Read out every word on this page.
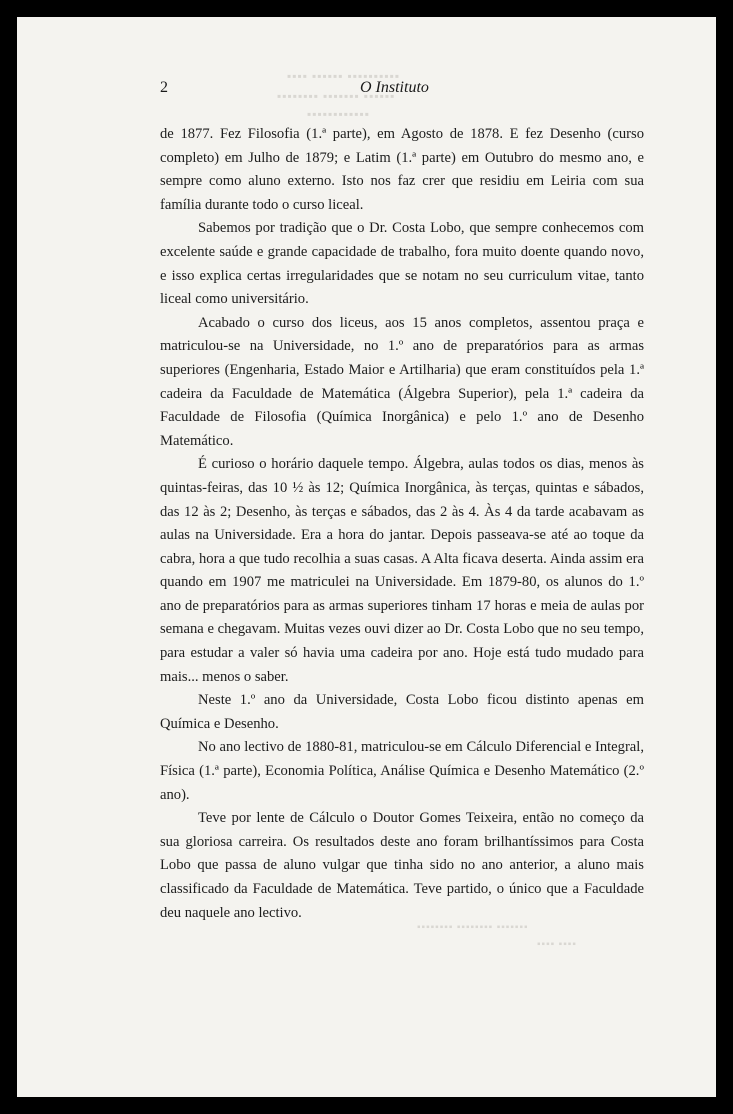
▪▪▪▪ ▪▪▪▪▪▪ ▪▪▪▪▪▪▪▪▪▪
▪▪▪▪▪▪▪▪ ▪▪▪▪▪▪▪ ▪▪▪▪▪▪
▪▪▪▪▪▪▪▪▪▪▪▪
▪▪▪▪▪▪▪▪ ▪▪▪▪▪▪▪▪ ▪▪▪▪▪▪▪
▪▪▪▪ ▪▪▪▪
2	O Instituto

de 1877. Fez Filosofia (1.ª parte), em Agosto de 1878. E fez Desenho (curso completo) em Julho de 1879; e Latim (1.ª parte) em Outubro do mesmo ano, e sempre como aluno externo. Isto nos faz crer que residiu em Leiria com sua família durante todo o curso liceal.

Sabemos por tradição que o Dr. Costa Lobo, que sempre conhecemos com excelente saúde e grande capacidade de trabalho, fora muito doente quando novo, e isso explica certas irregularidades que se notam no seu curriculum vitae, tanto liceal como universitário.

Acabado o curso dos liceus, aos 15 anos completos, assentou praça e matriculou-se na Universidade, no 1.º ano de preparatórios para as armas superiores (Engenharia, Estado Maior e Artilharia) que eram constituídos pela 1.ª cadeira da Faculdade de Matemática (Álgebra Superior), pela 1.ª cadeira da Faculdade de Filosofia (Química Inorgânica) e pelo 1.º ano de Desenho Matemático.

É curioso o horário daquele tempo. Álgebra, aulas todos os dias, menos às quintas-feiras, das 10 ½ às 12; Química Inorgânica, às terças, quintas e sábados, das 12 às 2; Desenho, às terças e sábados, das 2 às 4. Às 4 da tarde acabavam as aulas na Universidade. Era a hora do jantar. Depois passeava-se até ao toque da cabra, hora a que tudo recolhia a suas casas. A Alta ficava deserta. Ainda assim era quando em 1907 me matriculei na Universidade. Em 1879-80, os alunos do 1.º ano de preparatórios para as armas superiores tinham 17 horas e meia de aulas por semana e chegavam. Muitas vezes ouvi dizer ao Dr. Costa Lobo que no seu tempo, para estudar a valer só havia uma cadeira por ano. Hoje está tudo mudado para mais... menos o saber.

Neste 1.º ano da Universidade, Costa Lobo ficou distinto apenas em Química e Desenho.

No ano lectivo de 1880-81, matriculou-se em Cálculo Diferencial e Integral, Física (1.ª parte), Economia Política, Análise Química e Desenho Matemático (2.º ano).

Teve por lente de Cálculo o Doutor Gomes Teixeira, então no começo da sua gloriosa carreira. Os resultados deste ano foram brilhantíssimos para Costa Lobo que passa de aluno vulgar que tinha sido no ano anterior, a aluno mais classificado da Faculdade de Matemática. Teve partido, o único que a Faculdade deu naquele ano lectivo.
